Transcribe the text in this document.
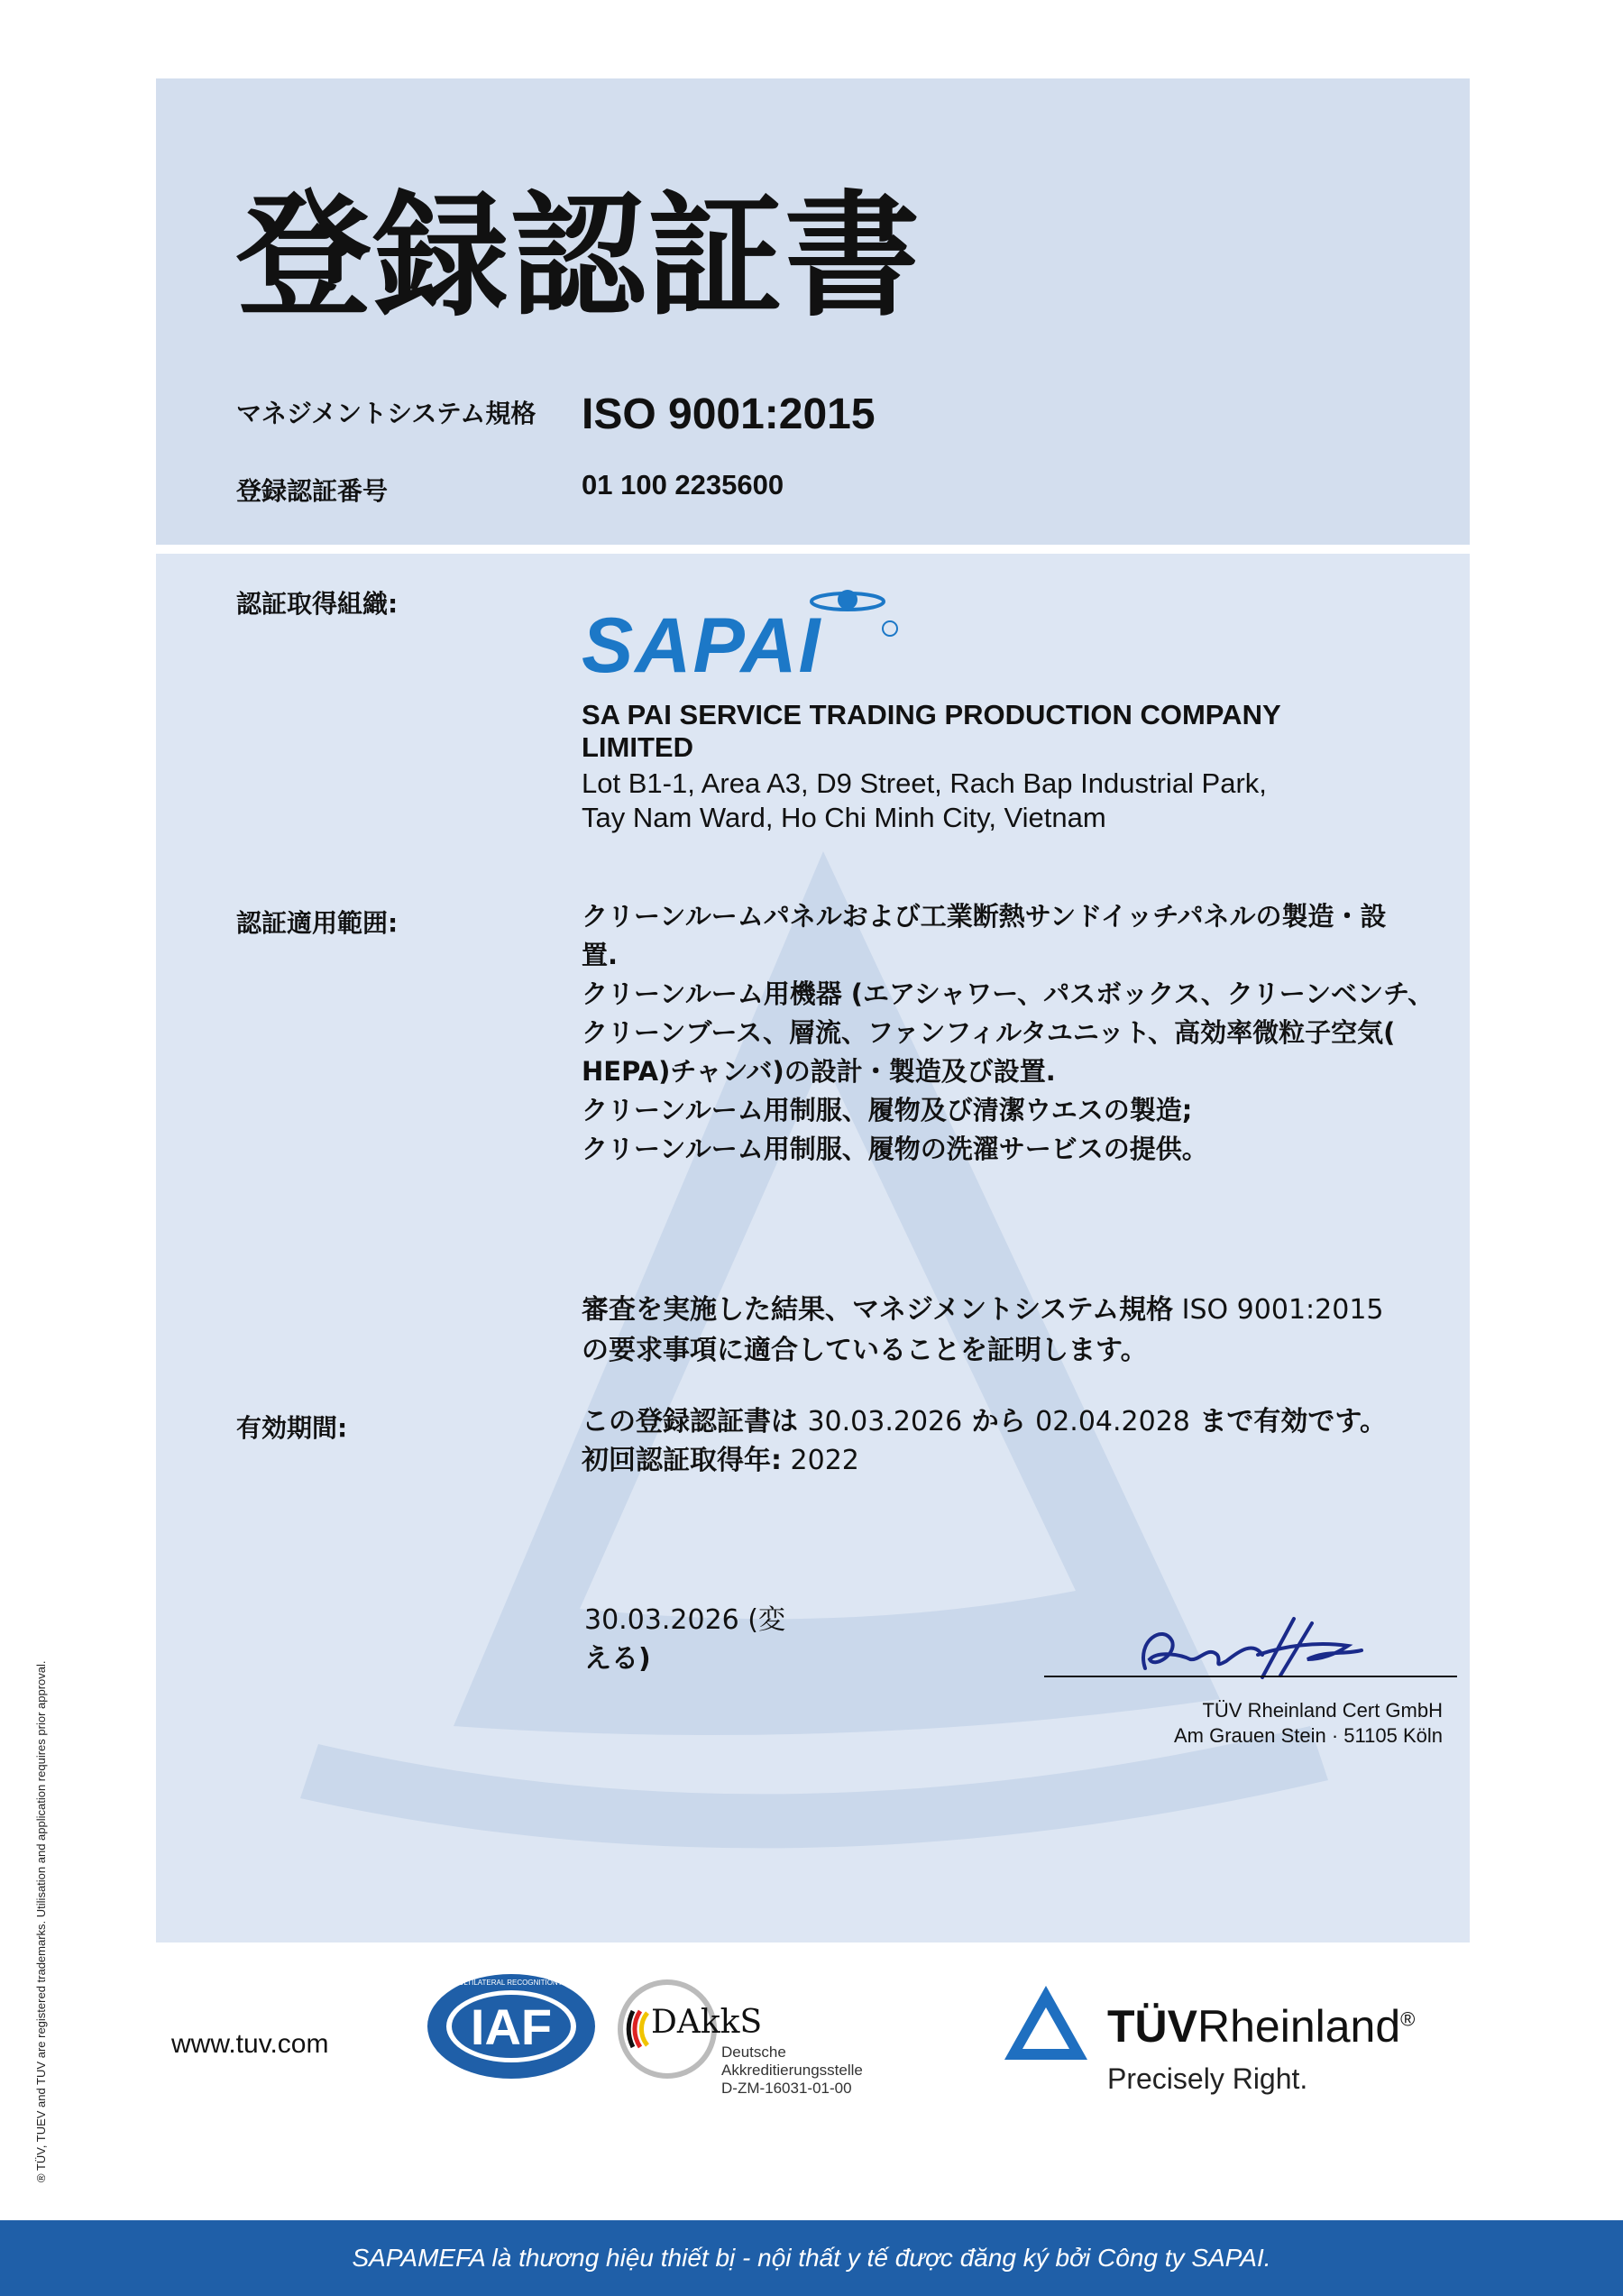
登録認証書
マネジメントシステム規格 ISO 9001:2015
登録認証番号	01 100 2235600
認証取得組織: SAPAI
SA PAI SERVICE TRADING PRODUCTION COMPANY
LIMITED
Lot B1-1, Area A3, D9 Street, Rach Bap Industrial Park,
Tay Nam Ward, Ho Chi Minh City, Vietnam
認証適用範囲:	クリーンルームパネルおよび工業断熱サンドイッチパネルの製造・設
置.
クリーンルーム用機器 (エアシャワー、パスボックス、クリーンベンチ、
クリーンブース、層流、ファンフィルタユニット、高効率微粒子空気(
HEPA)チャンバ)の設計・製造及び設置.
クリーンルーム用制服、履物及び清潔ウエスの製造;
クリーンルーム用制服、履物の洗濯サービスの提供。
審査を実施した結果、マネジメントシステム規格 ISO 9001:2015
の要求事項に適合していることを証明します。
有効期間:	この登録認証書は 30.03.2026 から 02.04.2028 まで有効です。
初回認証取得年: 2022
30.03.2026 (変
える)
TÜV Rheinland Cert GmbH
Am Grauen Stein · 51105 Köln
www.tuv.com	IAF
MEMBER OF MULTILATERAL RECOGNITION ARRANGEMENT
DAkkS
Deutsche
Akkreditierungsstelle
D-ZM-16031-01-00
TÜVRheinland®
Precisely Right.
® TÜV, TUEV and TUV are registered trademarks. Utilisation and application requires prior approval.
SAPAMEFA là thương hiệu thiết bị - nội thất y tế được đăng ký bởi Công ty SAPAI.
